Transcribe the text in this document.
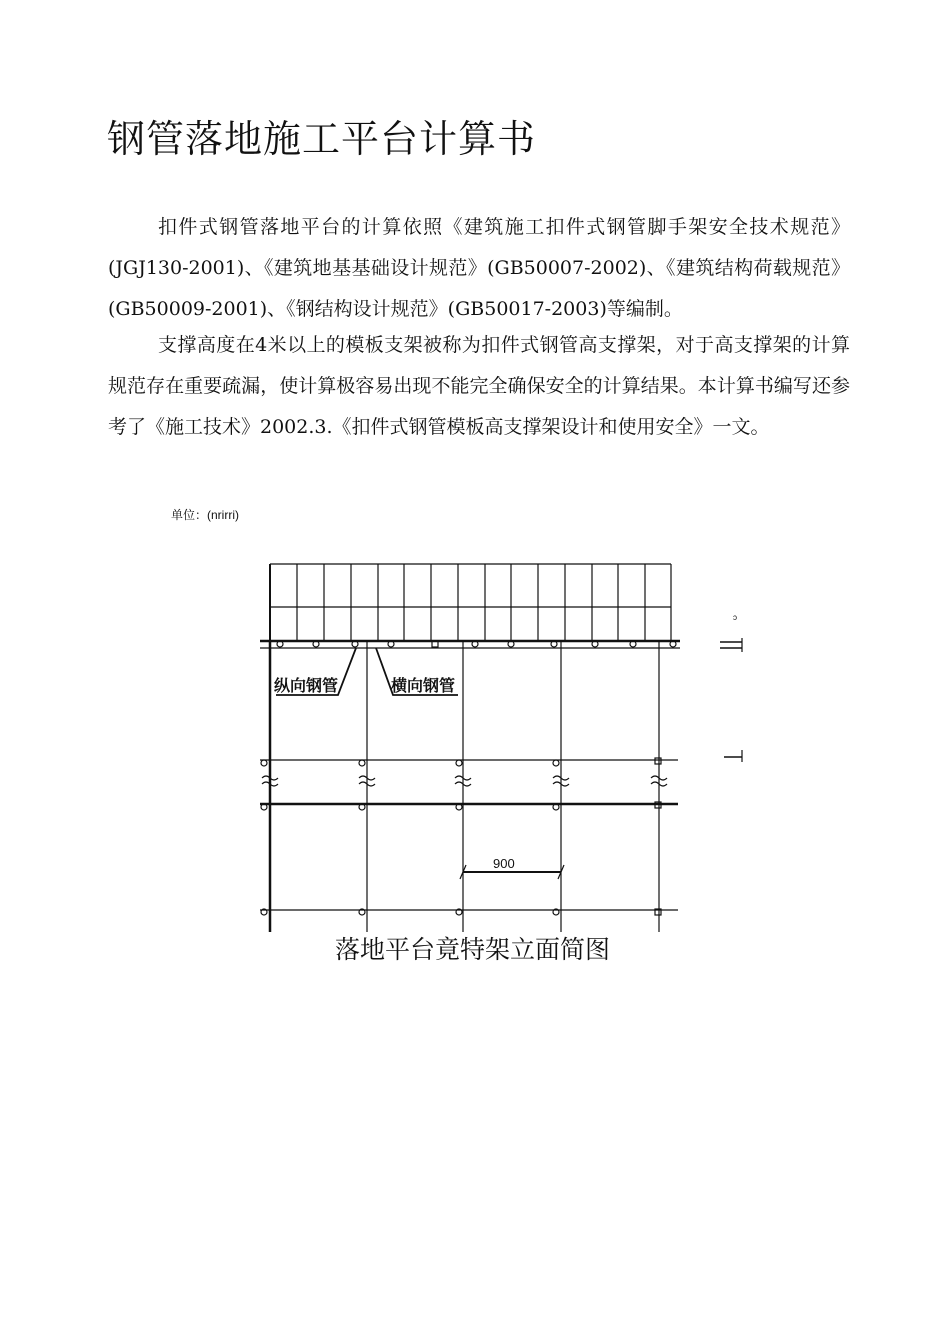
钢管落地施工平台计算书

扣件式钢管落地平台的计算依照《建筑施工扣件式钢管脚手架安全技术规范》(JGJ130-2001)、《建筑地基基础设计规范》(GB50007-2002)、《建筑结构荷载规范》(GB50009-2001)、《钢结构设计规范》(GB50017-2003)等编制。

支撑高度在4米以上的模板支架被称为扣件式钢管高支撑架，对于高支撑架的计算规范存在重要疏漏，使计算极容易出现不能完全确保安全的计算结果。本计算书编写还参考了《施工技术》2002.3.《扣件式钢管模板高支撑架设计和使用安全》一文。

单位：(nrirri)
纵向钢管	横向钢管
900
ɔ
落地平台竟特架立面简图
